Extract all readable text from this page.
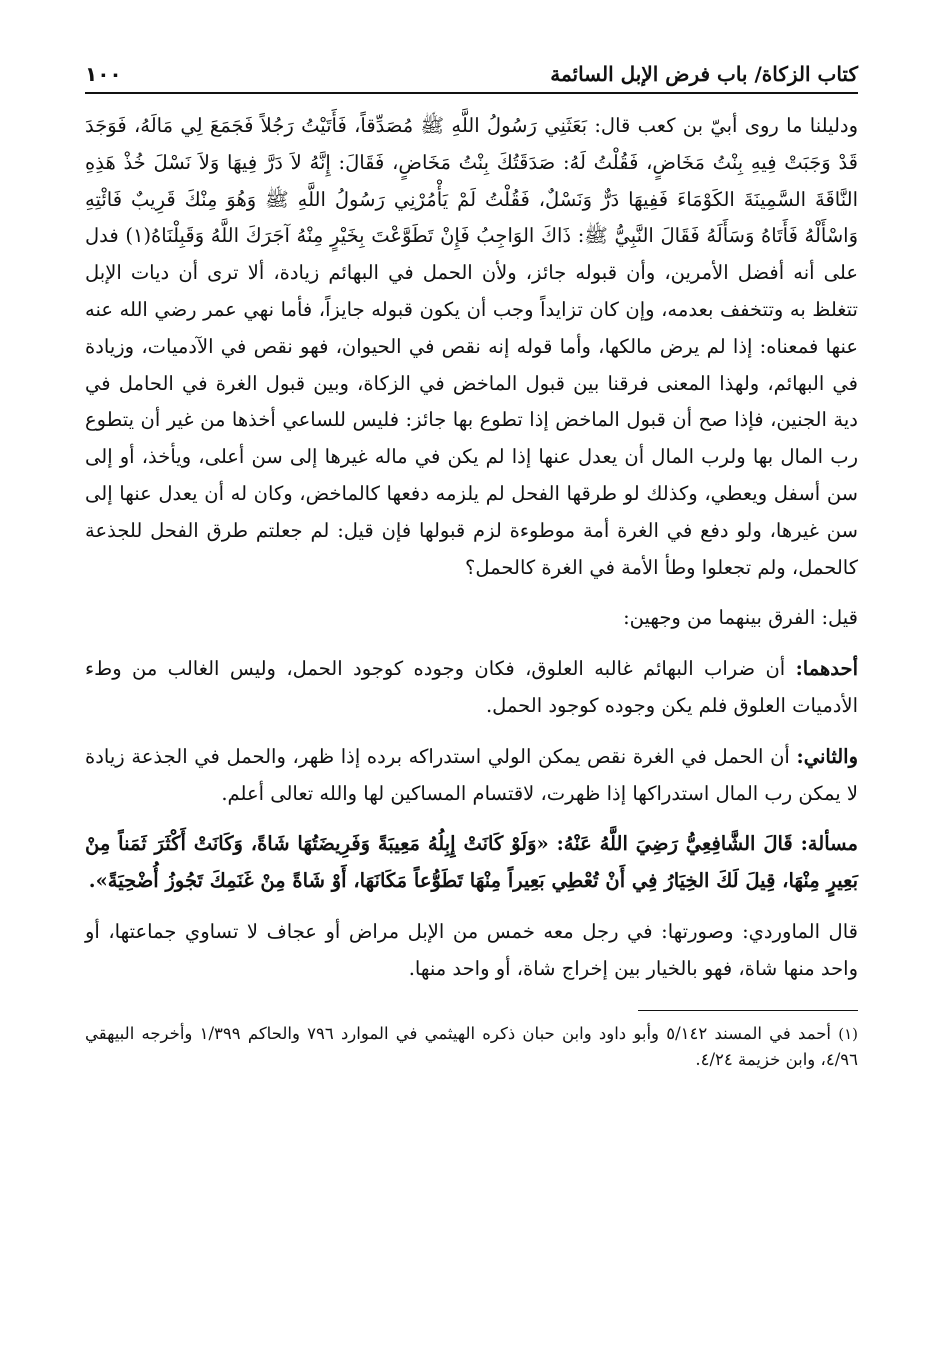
كتاب الزكاة/ باب فرض الإبل السائمة
١٠٠

ودليلنا ما روى أبيّ بن كعب قال: بَعَثَنِي رَسُولُ اللَّهِ ﷺ مُصَدِّقاً، فَأَتَيْتُ رَجُلاً فَجَمَعَ لِي مَالَهُ، فَوَجَدَ قَدْ وَجَبَتْ فِيهِ بِنْتُ مَخَاضٍ، فَقُلْتُ لَهُ: صَدَقَتُكَ بِنْتُ مَخَاضٍ، فَقَالَ: إِنَّهُ لاَ دَرَّ فِيهَا وَلاَ نَسْلَ خُذْ هَذِهِ النَّاقَةَ السَّمِينَةَ الكَوْمَاءَ فَفِيهَا دَرٌّ وَنَسْلٌ، فَقُلْتُ لَمْ يَأْمُرْنِي رَسُولُ اللَّهِ ﷺ وَهُوَ مِنْكَ قَرِيبٌ فَائْتِهِ وَاسْأَلْهُ فَأَتَاهُ وَسَأَلَهُ فَقَالَ النَّبِيُّ ﷺ: ذَاكَ الوَاجِبُ فَإِنْ تَطَوَّعْتَ بِخَيْرٍ مِنْهُ آجَرَكَ اللَّهُ وَقَبِلْنَاهُ(١) فدل على أنه أفضل الأمرين، وأن قبوله جائز، ولأن الحمل في البهائم زيادة، ألا ترى أن ديات الإبل تتغلظ به وتتخفف بعدمه، وإن كان تزايداً وجب أن يكون قبوله جايزاً، فأما نهي عمر رضي الله عنه عنها فمعناه: إذا لم يرض مالكها، وأما قوله إنه نقص في الحيوان، فهو نقص في الآدميات، وزيادة في البهائم، ولهذا المعنى فرقنا بين قبول الماخض في الزكاة، وبين قبول الغرة في الحامل في دية الجنين، فإذا صح أن قبول الماخض إذا تطوع بها جائز: فليس للساعي أخذها من غير أن يتطوع رب المال بها ولرب المال أن يعدل عنها إذا لم يكن في ماله غيرها إلى سن أعلى، ويأخذ، أو إلى سن أسفل ويعطي، وكذلك لو طرقها الفحل لم يلزمه دفعها كالماخض، وكان له أن يعدل عنها إلى سن غيرها، ولو دفع في الغرة أمة موطوءة لزم قبولها فإن قيل: لم جعلتم طرق الفحل للجذعة كالحمل، ولم تجعلوا وطأ الأمة في الغرة كالحمل؟

قيل: الفرق بينهما من وجهين:

أحدهما: أن ضراب البهائم غالبه العلوق، فكان وجوده كوجود الحمل، وليس الغالب من وطء الأدميات العلوق فلم يكن وجوده كوجود الحمل.

والثاني: أن الحمل في الغرة نقص يمكن الولي استدراكه برده إذا ظهر، والحمل في الجذعة زيادة لا يمكن رب المال استدراكها إذا ظهرت، لاقتسام المساكين لها والله تعالى أعلم.

مسألة: قَالَ الشَّافِعِيُّ رَضِيَ اللَّهُ عَنْهُ: «وَلَوْ كَانَتْ إِبِلُهُ مَعِيبَةً وَفَرِيضَتُهَا شَاةً، وَكَانَتْ أَكْثَرَ ثَمَناً مِنْ بَعِيرٍ مِنْهَا، قِيلَ لَكَ الخِيَارُ فِي أَنْ تُعْطِي بَعِيراً مِنْهَا تَطَوُّعاً مَكَانَهَا، أَوْ شَاةً مِنْ غَنَمِكَ تَجُوزُ أُضْحِيَةً».

قال الماوردي: وصورتها: في رجل معه خمس من الإبل مراض أو عجاف لا تساوي جماعتها، أو واحد منها شاة، فهو بالخيار بين إخراج شاة، أو واحد منها.

(١) أحمد في المسند ٥/١٤٢ وأبو داود وابن حبان ذكره الهيثمي في الموارد ٧٩٦ والحاكم ١/٣٩٩ وأخرجه البيهقي ٤/٩٦، وابن خزيمة ٤/٢٤.
